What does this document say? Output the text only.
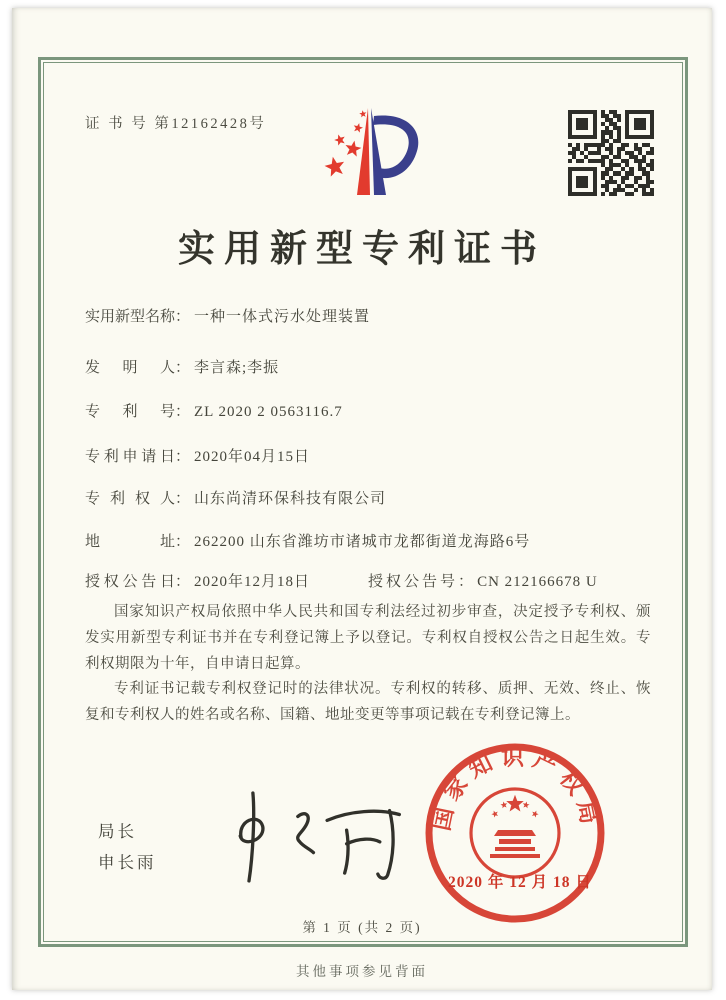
证 书 号 第12162428号
实用新型专利证书
实用新型名称： 一种一体式污水处理装置
发明人： 李言森;李振
专利号： ZL 2020 2 0563116.7
专利申请日： 2020年04月15日
专利权人： 山东尚清环保科技有限公司
地址： 262200 山东省潍坊市诸城市龙都街道龙海路6号
授权公告日： 2020年12月18日	授权公告号： CN 212166678 U

国家知识产权局依照中华人民共和国专利法经过初步审查，决定授予专利权、颁发实用新型专利证书并在专利登记簿上予以登记。专利权自授权公告之日起生效。专利权期限为十年，自申请日起算。

专利证书记载专利权登记时的法律状况。专利权的转移、质押、无效、终止、恢复和专利权人的姓名或名称、国籍、地址变更等事项记载在专利登记簿上。

局长
申长雨
国家知识产权局
2020 年 12 月 18 日
第 1 页 (共 2 页)
其他事项参见背面
